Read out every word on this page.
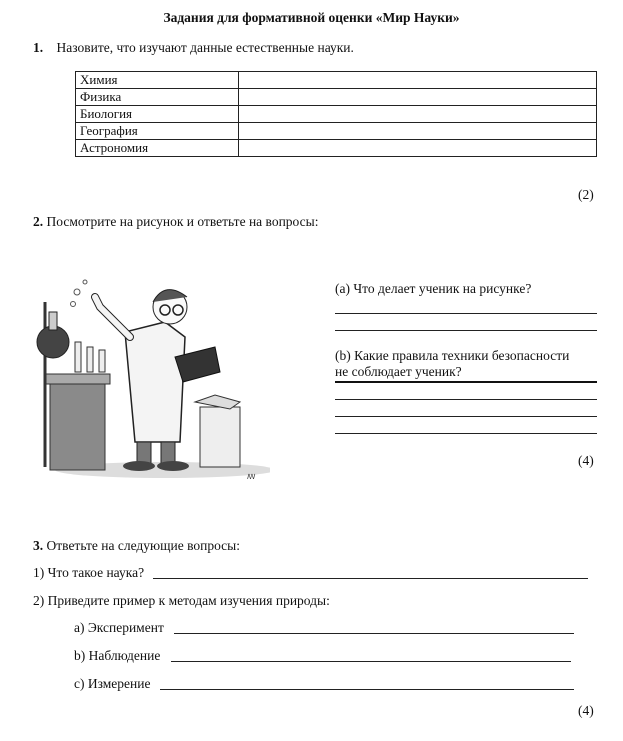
Задания для формативной оценки «Мир Науки»
1. Назовите, что изучают данные естественные науки.
Химия	
Физика	
Биология	
География	
Астрономия	
(2)
2. Посмотрите на рисунок и ответьте на вопросы:
ꟿ
(a) Что делает ученик на рисунке?
(b) Какие правила техники безопасности
не соблюдает ученик?
(4)
3. Ответьте на следующие вопросы:
1) Что такое наука?
2) Приведите пример к методам изучения природы:
a) Эксперимент
b) Наблюдение
c) Измерение
(4)
